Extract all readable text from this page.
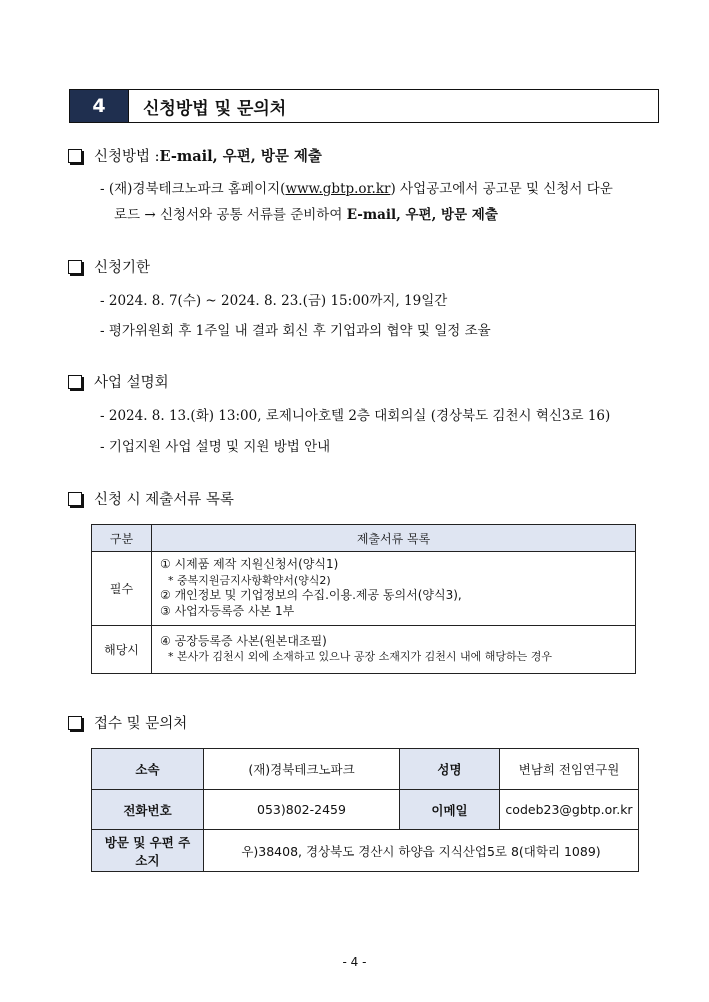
4	신청방법 및 문의처
신청방법 : E-mail, 우편, 방문 제출
- (재)경북테크노파크 홈페이지(www.gbtp.or.kr) 사업공고에서 공고문 및 신청서 다운
로드 → 신청서와 공통 서류를 준비하여 E-mail, 우편, 방문 제출
신청기한
- 2024. 8. 7(수) ~ 2024. 8. 23.(금) 15:00까지, 19일간
- 평가위원회 후 1주일 내 결과 회신 후 기업과의 협약 및 일정 조율
사업 설명회
- 2024. 8. 13.(화) 13:00, 로제니아호텔 2층 대회의실 (경상북도 김천시 혁신3로 16)
- 기업지원 사업 설명 및 지원 방법 안내
신청 시 제출서류 목록
구분	제출서류 목록
필수	① 시제품 제작 지원신청서(양식1)
* 중복지원금지사항확약서(양식2)
② 개인정보 및 기업정보의 수집.이용.제공 동의서(양식3),
③ 사업자등록증 사본 1부

해당시	④ 공장등록증 사본(원본대조필)
* 본사가 김천시 외에 소재하고 있으나 공장 소재지가 김천시 내에 해당하는 경우
접수 및 문의처
소속	(재)경북테크노파크	성명	변남희 전임연구원
전화번호	053)802-2459	이메일	codeb23@gbtp.or.kr
방문 및 우편 주소지	우)38408, 경상북도 경산시 하양읍 지식산업5로 8(대학리 1089)		
- 4 -
